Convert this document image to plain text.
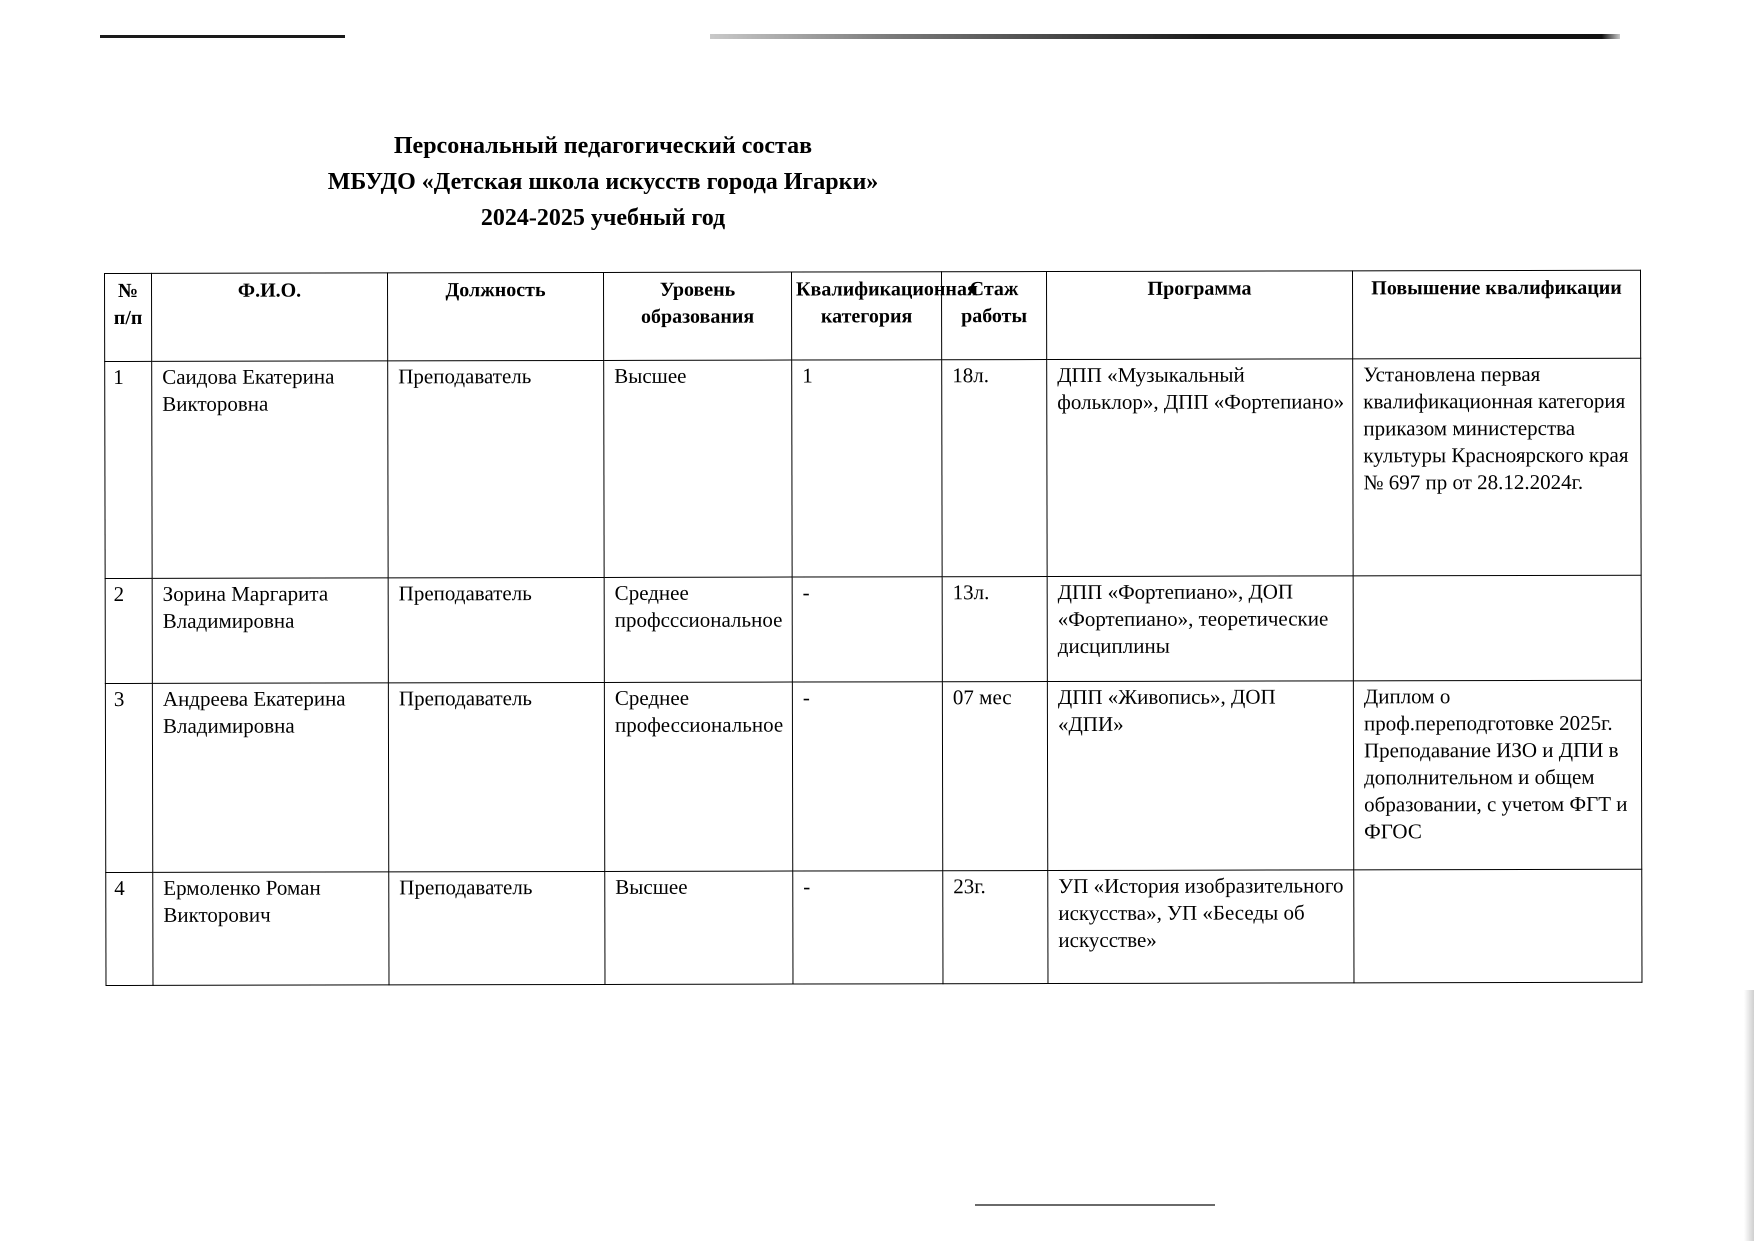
Персональный педагогический состав
МБУДО «Детская школа искусств города Игарки»
2024-2025 учебный год
№ п/п	Ф.И.О.	Должность	Уровень образования	Квалификационная категория	Стаж работы	Программа	Повышение квалификации
1	Саидова Екатерина Викторовна	Преподаватель	Высшее	1	18л.	ДПП «Музыкальный фольклор», ДПП «Фортепиано»	Установлена первая квалификационная категория приказом министерства культуры Красноярского края № 697 пр от 28.12.2024г.
2	Зорина Маргарита Владимировна	Преподаватель	Среднее профсссиональное	-	13л.	ДПП «Фортепиано», ДОП «Фортепиано», теоретические дисциплины	
3	Андреева Екатерина Владимировна	Преподаватель	Среднее профессиональное	-	07 мес	ДПП «Живопись», ДОП «ДПИ»	Диплом о проф.переподготовке 2025г. Преподавание ИЗО и ДПИ в дополнительном и общем образовании, с учетом ФГТ и ФГОС
4	Ермоленко Роман Викторович	Преподаватель	Высшее	-	23г.	УП «История изобразительного искусства», УП «Беседы об искусстве»	
